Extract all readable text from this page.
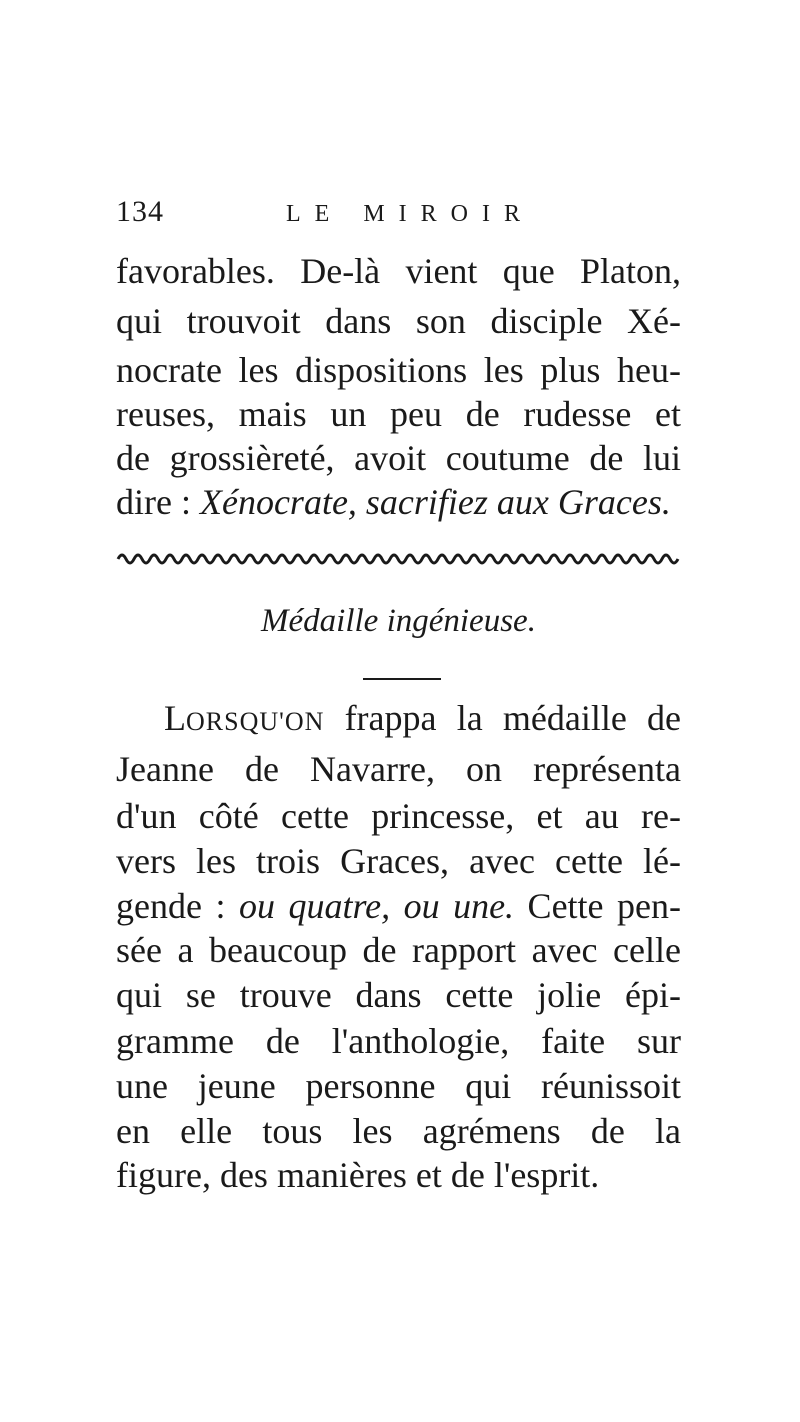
134	LE MIROIR
favorables. De-là vient que Platon,
qui trouvoit dans son disciple Xé-
nocrate les dispositions les plus heu-
reuses, mais un peu de rudesse et
de grossièreté, avoit coutume de lui
dire : Xénocrate, sacrifiez aux Graces.
Médaille ingénieuse.
LORSQU'ON frappa la médaille de
Jeanne de Navarre, on représenta
d'un côté cette princesse, et au re-
vers les trois Graces, avec cette lé-
gende : ou quatre, ou une. Cette pen-
sée a beaucoup de rapport avec celle
qui se trouve dans cette jolie épi-
gramme de l'anthologie, faite sur
une jeune personne qui réunissoit
en elle tous les agrémens de la
figure, des manières et de l'esprit.
